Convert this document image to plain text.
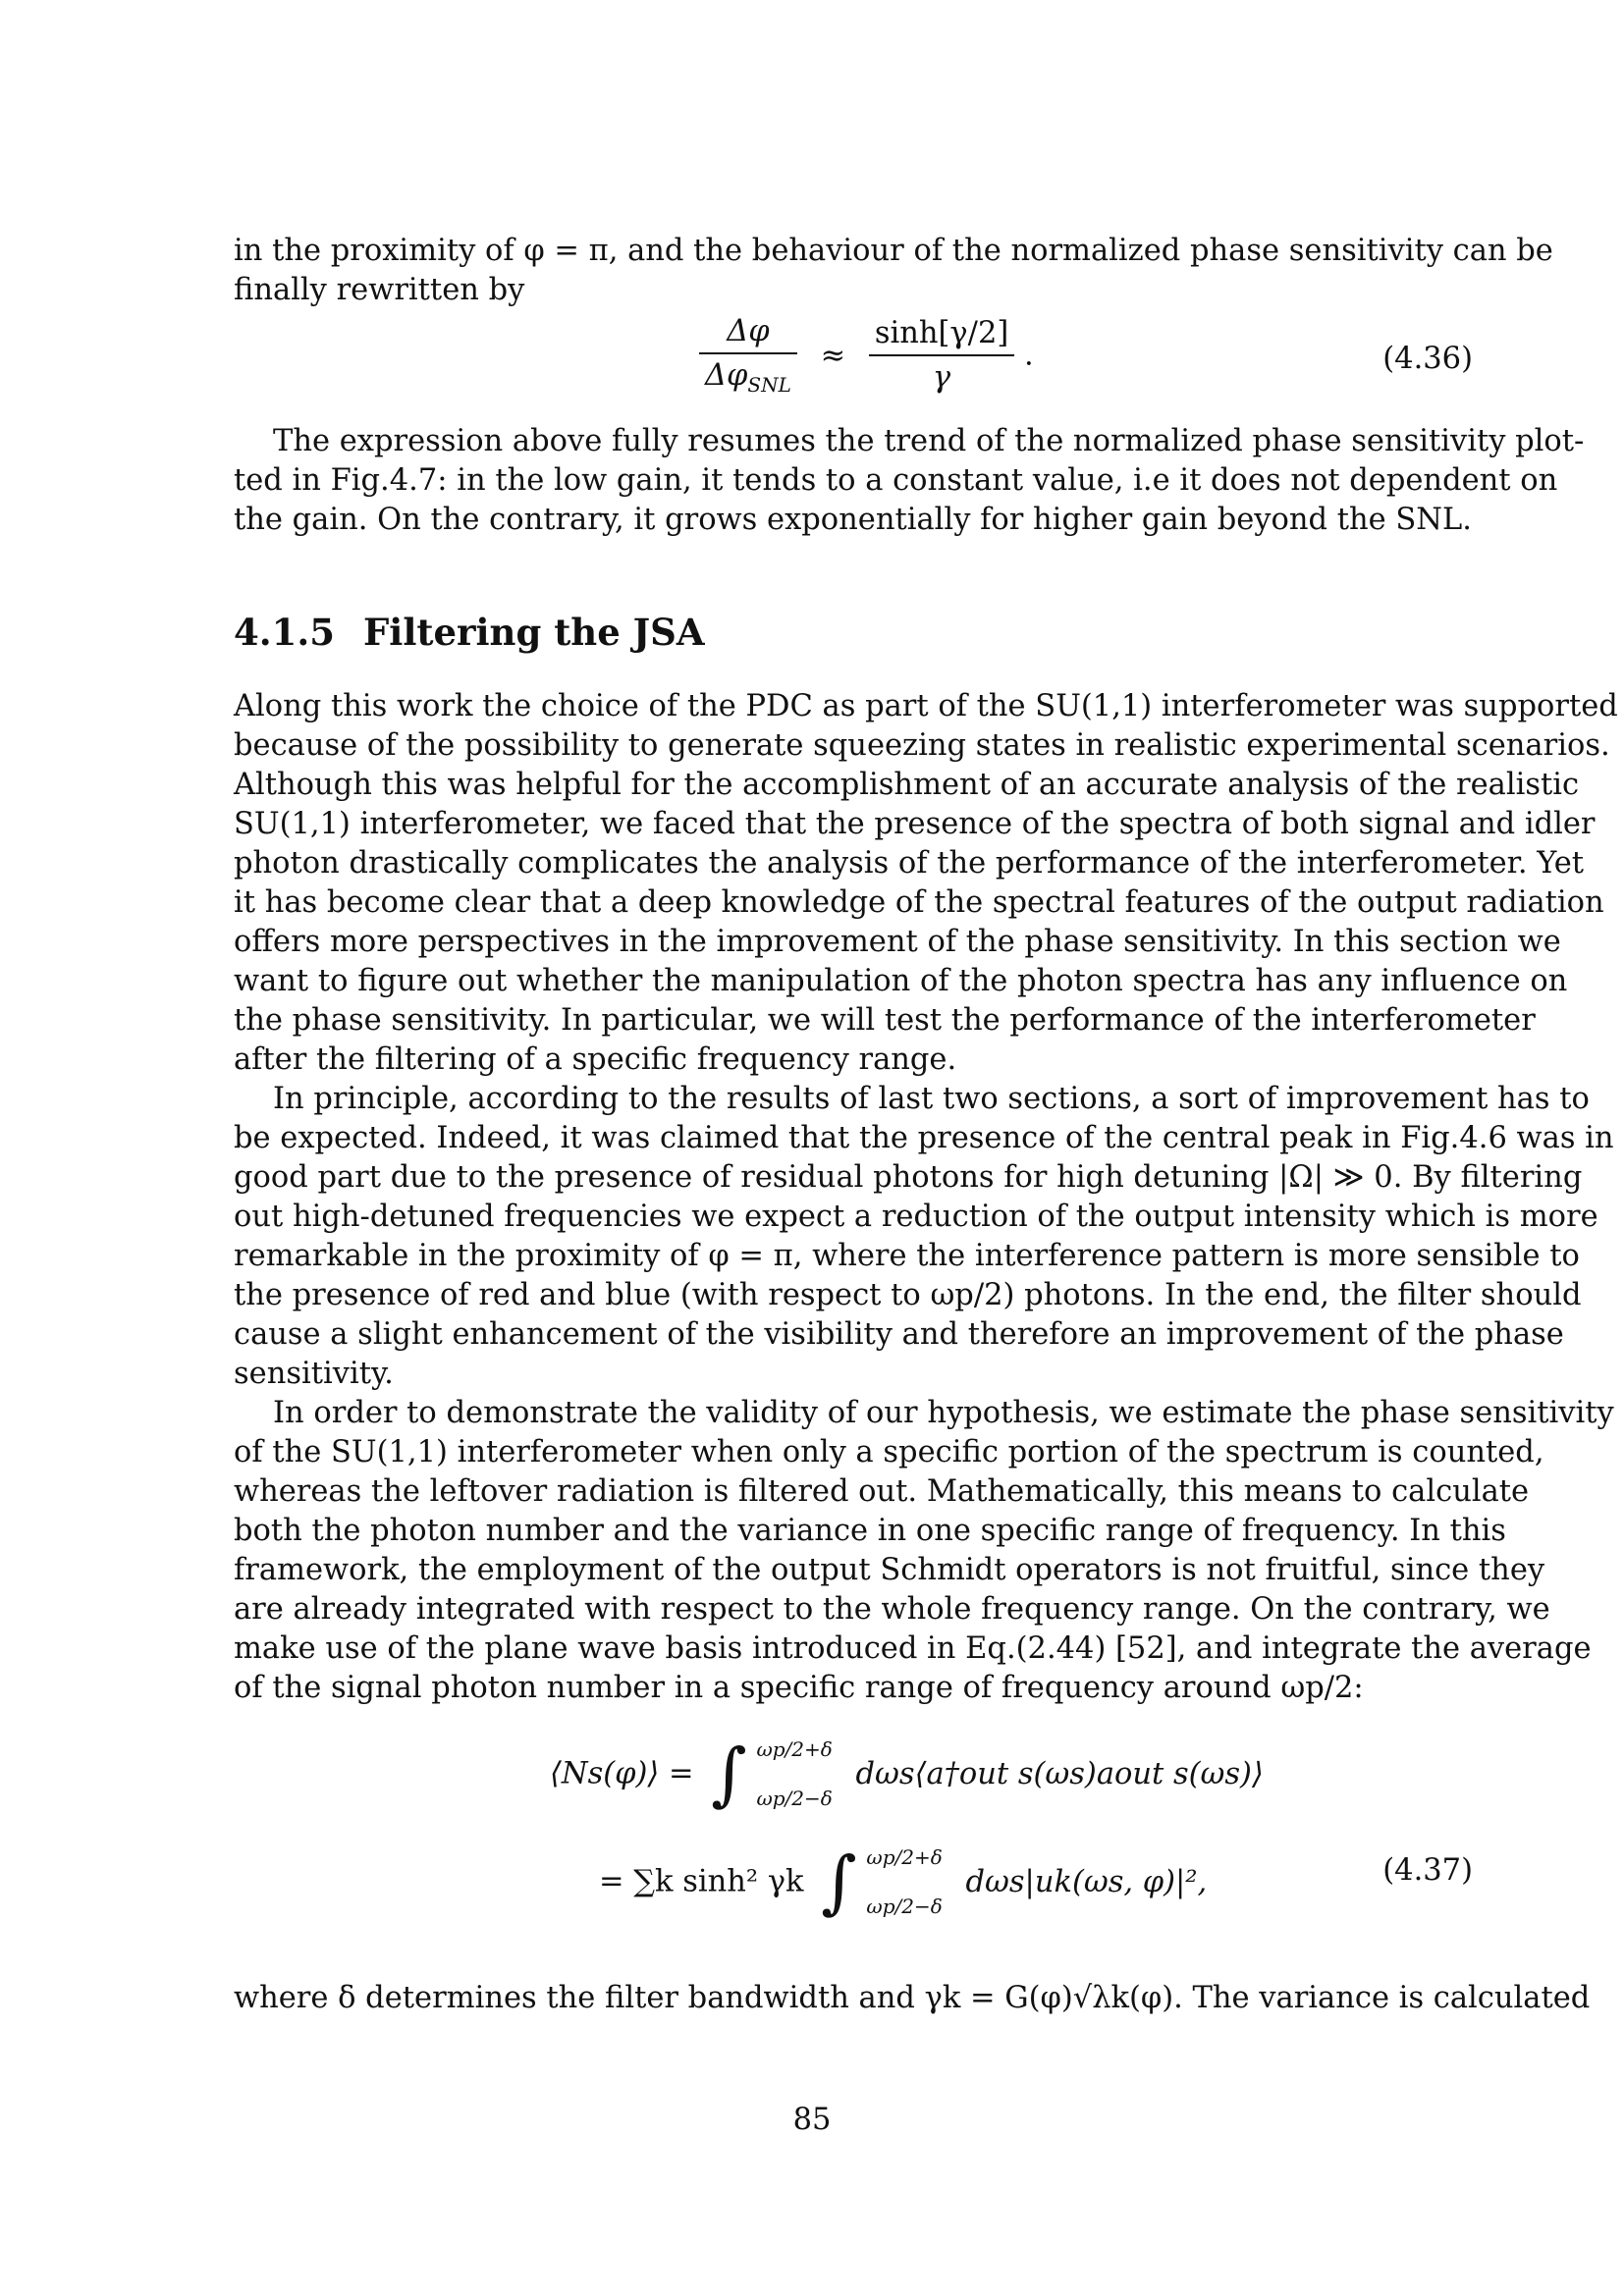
in the proximity of φ = π, and the behaviour of the normalized phase sensitivity can be
finally rewritten by
$\frac{\Delta\varphi}{\Delta\varphi_{SNL}} \approx \frac{\sinh[\gamma/2]}{\gamma}$ .	(4.36)
The expression above fully resumes the trend of the normalized phase sensitivity plot-
ted in Fig.4.7: in the low gain, it tends to a constant value, i.e it does not dependent on
the gain. On the contrary, it grows exponentially for higher gain beyond the SNL.
4.1.5 Filtering the JSA
Along this work the choice of the PDC as part of the SU(1,1) interferometer was supported
because of the possibility to generate squeezing states in realistic experimental scenarios.
Although this was helpful for the accomplishment of an accurate analysis of the realistic
SU(1,1) interferometer, we faced that the presence of the spectra of both signal and idler
photon drastically complicates the analysis of the performance of the interferometer. Yet
it has become clear that a deep knowledge of the spectral features of the output radiation
offers more perspectives in the improvement of the phase sensitivity. In this section we
want to figure out whether the manipulation of the photon spectra has any influence on
the phase sensitivity. In particular, we will test the performance of the interferometer
after the filtering of a specific frequency range.
In principle, according to the results of last two sections, a sort of improvement has to
be expected. Indeed, it was claimed that the presence of the central peak in Fig.4.6 was in
good part due to the presence of residual photons for high detuning |Ω| ≫ 0. By filtering
out high-detuned frequencies we expect a reduction of the output intensity which is more
remarkable in the proximity of φ = π, where the interference pattern is more sensible to
the presence of red and blue (with respect to ωp/2) photons. In the end, the filter should
cause a slight enhancement of the visibility and therefore an improvement of the phase
sensitivity.
In order to demonstrate the validity of our hypothesis, we estimate the phase sensitivity
of the SU(1,1) interferometer when only a specific portion of the spectrum is counted,
whereas the leftover radiation is filtered out. Mathematically, this means to calculate
both the photon number and the variance in one specific range of frequency. In this
framework, the employment of the output Schmidt operators is not fruitful, since they
are already integrated with respect to the whole frequency range. On the contrary, we
make use of the plane wave basis introduced in Eq.(2.44) [52], and integrate the average
of the signal photon number in a specific range of frequency around ωp/2:
⟨Ns(φ)⟩ = ∫ ωp/2+δ
ωp/2−δ
dωs⟨a†out s(ωs)aout s(ωs)⟩
= ∑k sinh² γk ∫ ωp/2+δ
ωp/2−δ
dωs|uk(ωs, φ)|²,	(4.37)
where δ determines the filter bandwidth and γk = G(φ)√λk(φ). The variance is calculated
85
